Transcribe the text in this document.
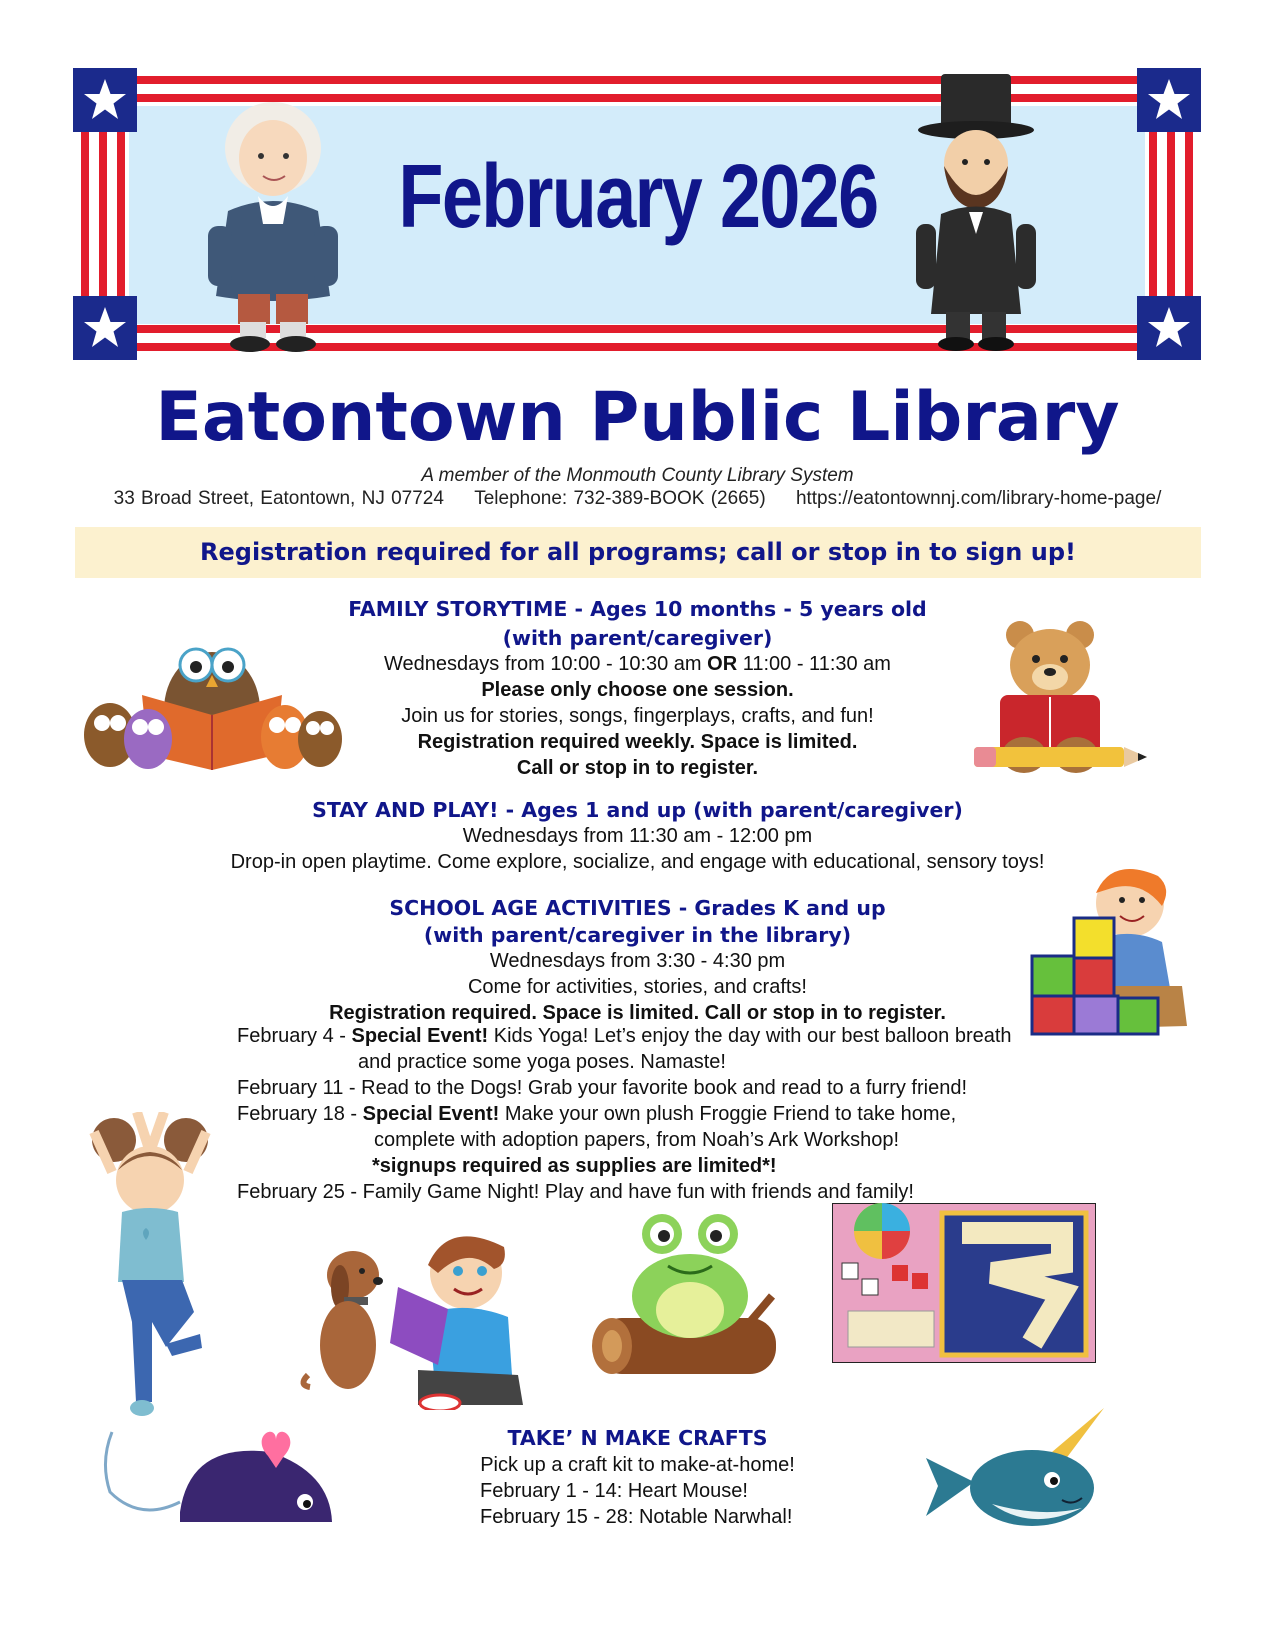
February 2026
Eatontown Public Library
A member of the Monmouth County Library System
33 Broad Street, Eatontown, NJ 07724 Telephone: 732-389-BOOK (2665) https://eatontownnj.com/library-home-page/
Registration required for all programs; call or stop in to sign up!
FAMILY STORYTIME - Ages 10 months - 5 years old
(with parent/caregiver)
Wednesdays from 10:00 - 10:30 am OR 11:00 - 11:30 am
Please only choose one session.
Join us for stories, songs, fingerplays, crafts, and fun!
Registration required weekly. Space is limited.
Call or stop in to register.
STAY AND PLAY! - Ages 1 and up (with parent/caregiver)
Wednesdays from 11:30 am - 12:00 pm
Drop-in open playtime. Come explore, socialize, and engage with educational, sensory toys!
SCHOOL AGE ACTIVITIES - Grades K and up
(with parent/caregiver in the library)
Wednesdays from 3:30 - 4:30 pm
Come for activities, stories, and crafts!
Registration required. Space is limited. Call or stop in to register.
February 4 - Special Event! Kids Yoga! Let’s enjoy the day with our best balloon breath
and practice some yoga poses. Namaste!
February 11 - Read to the Dogs! Grab your favorite book and read to a furry friend!
February 18 - Special Event! Make your own plush Froggie Friend to take home,
complete with adoption papers, from Noah’s Ark Workshop!
*signups required as supplies are limited*!
February 25 - Family Game Night! Play and have fun with friends and family!
TAKE’ N MAKE CRAFTS
Pick up a craft kit to make-at-home!
February 1 - 14: Heart Mouse!
February 15 - 28: Notable Narwhal!
